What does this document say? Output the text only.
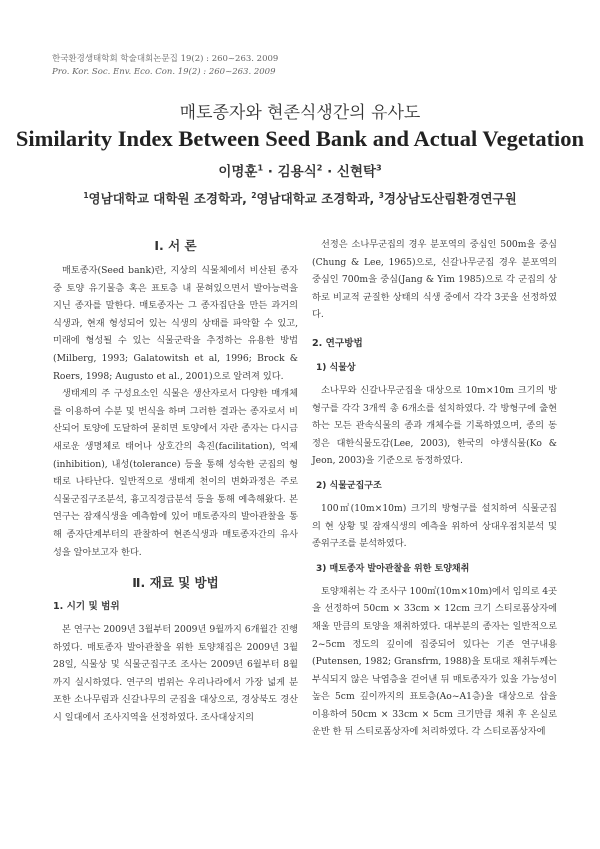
한국환경생태학회 학술대회논문집 19(2) : 260~263. 2009
Pro. Kor. Soc. Env. Eco. Con. 19(2) : 260~263. 2009
매토종자와 현존식생간의 유사도
Similarity Index Between Seed Bank and Actual Vegetation
이명훈$^1$ · 김용식$^2$ · 신현탁$^3$
$^1$영남대학교 대학원 조경학과, $^2$영남대학교 조경학과, $^3$경상남도산림환경연구원
Ⅰ. 서 론

매토종자(Seed bank)란, 지상의 식물체에서 비산된 종자 중 토양 유기물층 혹은 표토층 내 묻혀있으면서 발아능력을 지닌 종자를 말한다. 매토종자는 그 종자집단을 만든 과거의 식생과, 현재 형성되어 있는 식생의 상태를 파악할 수 있고, 미래에 형성될 수 있는 식물군락을 추정하는 유용한 방법(Milberg, 1993; Galatowitsh et al, 1996; Brock & Roers, 1998; Augusto et al., 2001)으로 알려져 있다.

생태계의 주 구성요소인 식물은 생산자로서 다양한 매개체를 이용하여 수분 및 번식을 하며 그러한 결과는 종자로서 비산되어 토양에 도달하여 묻히면 토양에서 자란 종자는 다시금 새로운 생명체로 태어나 상호간의 촉진(facilitation), 억제(inhibition), 내성(tolerance) 등을 통해 성숙한 군집의 형태로 나타난다. 일반적으로 생태계 천이의 변화과정은 주로 식물군집구조분석, 흉고직경급분석 등을 통해 예측해왔다. 본 연구는 잠재식생을 예측함에 있어 매토종자의 발아관찰을 통해 종자단계부터의 관찰하여 현존식생과 매토종자간의 유사성을 알아보고자 한다.

Ⅱ. 재료 및 방법
1. 시기 및 범위

본 연구는 2009년 3월부터 2009년 9월까지 6개월간 진행하였다. 매토종자 발아관찰을 위한 토양채집은 2009년 3월 28일, 식물상 및 식물군집구조 조사는 2009년 6월부터 8월까지 실시하였다. 연구의 범위는 우리나라에서 가장 넓게 분포한 소나무림과 신갈나무의 군집을 대상으로, 경상북도 경산시 일대에서 조사지역을 선정하였다. 조사대상지의

선정은 소나무군집의 경우 분포역의 중심인 500m을 중심(Chung & Lee, 1965)으로, 신갈나무군집 경우 분포역의 중심인 700m을 중심(Jang & Yim 1985)으로 각 군집의 상하로 비교적 균질한 상태의 식생 중에서 각각 3곳을 선정하였다.

2. 연구방법
1) 식물상

소나무와 신갈나무군집을 대상으로 10m×10m 크기의 방형구를 각각 3개씩 총 6개소를 설치하였다. 각 방형구에 출현하는 모든 관속식물의 종과 개체수를 기록하였으며, 종의 동정은 대한식물도감(Lee, 2003), 한국의 야생식물(Ko & Jeon, 2003)을 기준으로 동정하였다.

2) 식물군집구조

100㎡(10m×10m) 크기의 방형구를 설치하여 식물군집의 현 상황 및 잠재식생의 예측을 위하여 상대우점치분석 및 종위구조를 분석하였다.

3) 매토종자 발아관찰을 위한 토양채취

토양채취는 각 조사구 100㎡(10m×10m)에서 임의로 4곳을 선정하여 50cm × 33cm × 12cm 크기 스티로폼상자에 채울 만큼의 토양을 채취하였다. 대부분의 종자는 일반적으로 2~5cm 정도의 깊이에 집중되어 있다는 기존 연구내용(Putensen, 1982; Gransfrm, 1988)을 토대로 채취두께는 부식되지 않은 낙엽층을 걷어낸 뒤 매토종자가 있을 가능성이 높은 5cm 깊이까지의 표토층(Ao~A1층)을 대상으로 삽을 이용하여 50cm × 33cm × 5cm 크기만큼 채취 후 온실로 운반 한 뒤 스티로폼상자에 처리하였다. 각 스티로폼상자에
